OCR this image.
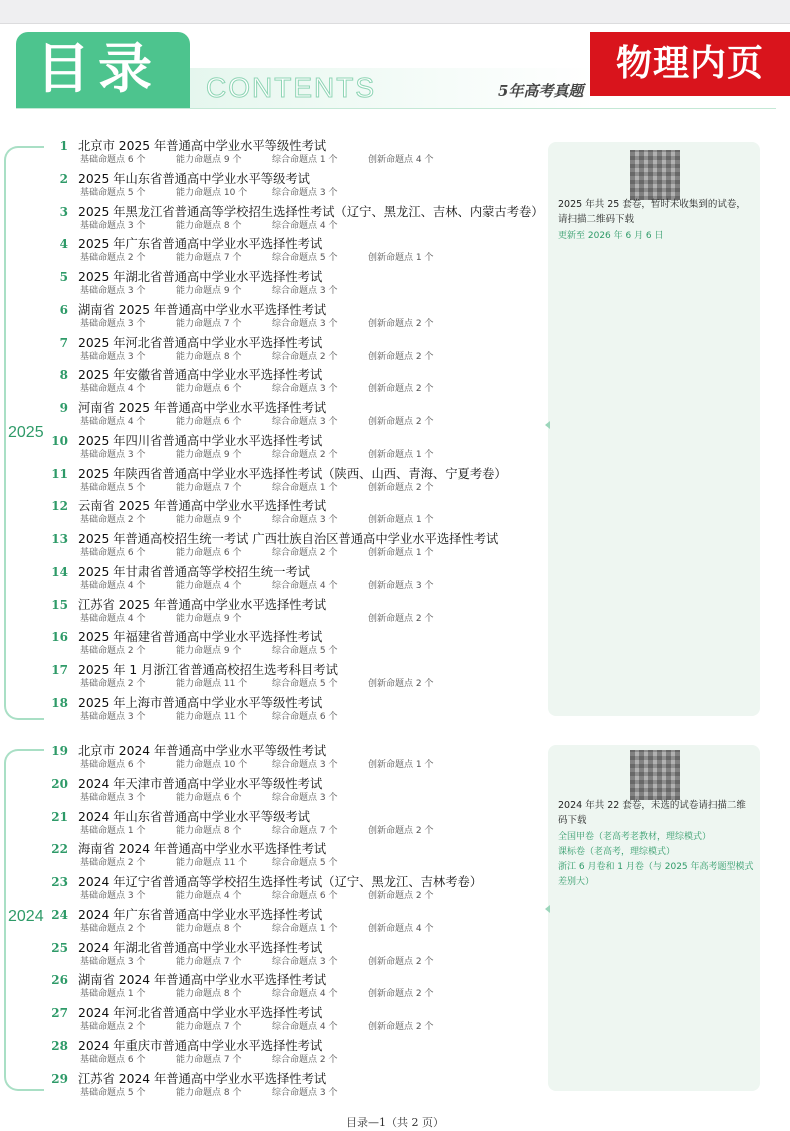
目录 CONTENTS	5年高考真题
物理内页
2025
1 北京市 2025 年普通高中学业水平等级性考试
基础命题点 6 个	能力命题点 9 个	综合命题点 1 个	创新命题点 4 个
2 2025 年山东省普通高中学业水平等级考试
基础命题点 5 个	能力命题点 10 个	综合命题点 3 个
3 2025 年黑龙江省普通高等学校招生选择性考试（辽宁、黑龙江、吉林、内蒙古考卷）
基础命题点 3 个	能力命题点 8 个	综合命题点 4 个
4 2025 年广东省普通高中学业水平选择性考试
基础命题点 2 个	能力命题点 7 个	综合命题点 5 个	创新命题点 1 个
5 2025 年湖北省普通高中学业水平选择性考试
基础命题点 3 个	能力命题点 9 个	综合命题点 3 个
6 湖南省 2025 年普通高中学业水平选择性考试
基础命题点 3 个	能力命题点 7 个	综合命题点 3 个	创新命题点 2 个
7 2025 年河北省普通高中学业水平选择性考试
基础命题点 3 个	能力命题点 8 个	综合命题点 2 个	创新命题点 2 个
8 2025 年安徽省普通高中学业水平选择性考试
基础命题点 4 个	能力命题点 6 个	综合命题点 3 个	创新命题点 2 个
9 河南省 2025 年普通高中学业水平选择性考试
基础命题点 4 个	能力命题点 6 个	综合命题点 3 个	创新命题点 2 个
10 2025 年四川省普通高中学业水平选择性考试
基础命题点 3 个	能力命题点 9 个	综合命题点 2 个	创新命题点 1 个
11 2025 年陕西省普通高中学业水平选择性考试（陕西、山西、青海、宁夏考卷）
基础命题点 5 个	能力命题点 7 个	综合命题点 1 个	创新命题点 2 个
12 云南省 2025 年普通高中学业水平选择性考试
基础命题点 2 个	能力命题点 9 个	综合命题点 3 个	创新命题点 1 个
13 2025 年普通高校招生统一考试 广西壮族自治区普通高中学业水平选择性考试
基础命题点 6 个	能力命题点 6 个	综合命题点 2 个	创新命题点 1 个
14 2025 年甘肃省普通高等学校招生统一考试
基础命题点 4 个	能力命题点 4 个	综合命题点 4 个	创新命题点 3 个
15 江苏省 2025 年普通高中学业水平选择性考试
基础命题点 4 个	能力命题点 9 个	创新命题点 2 个
16 2025 年福建省普通高中学业水平选择性考试
基础命题点 2 个	能力命题点 9 个	综合命题点 5 个
17 2025 年 1 月浙江省普通高校招生选考科目考试
基础命题点 2 个	能力命题点 11 个	综合命题点 5 个	创新命题点 2 个
18 2025 年上海市普通高中学业水平等级性考试
基础命题点 3 个	能力命题点 11 个	综合命题点 6 个
2025 年共 25 套卷，暂时未收集到的试卷，请扫描二维码下载
更新至 2026 年 6 月 6 日
2024
19 北京市 2024 年普通高中学业水平等级性考试
基础命题点 6 个	能力命题点 10 个	综合命题点 3 个	创新命题点 1 个
20 2024 年天津市普通高中学业水平等级性考试
基础命题点 3 个	能力命题点 6 个	综合命题点 3 个
21 2024 年山东省普通高中学业水平等级考试
基础命题点 1 个	能力命题点 8 个	综合命题点 7 个	创新命题点 2 个
22 海南省 2024 年普通高中学业水平选择性考试
基础命题点 2 个	能力命题点 11 个	综合命题点 5 个
23 2024 年辽宁省普通高等学校招生选择性考试（辽宁、黑龙江、吉林考卷）
基础命题点 3 个	能力命题点 4 个	综合命题点 6 个	创新命题点 2 个
24 2024 年广东省普通高中学业水平选择性考试
基础命题点 2 个	能力命题点 8 个	综合命题点 1 个	创新命题点 4 个
25 2024 年湖北省普通高中学业水平选择性考试
基础命题点 3 个	能力命题点 7 个	综合命题点 3 个	创新命题点 2 个
26 湖南省 2024 年普通高中学业水平选择性考试
基础命题点 1 个	能力命题点 8 个	综合命题点 4 个	创新命题点 2 个
27 2024 年河北省普通高中学业水平选择性考试
基础命题点 2 个	能力命题点 7 个	综合命题点 4 个	创新命题点 2 个
28 2024 年重庆市普通高中学业水平选择性考试
基础命题点 6 个	能力命题点 7 个	综合命题点 2 个
29 江苏省 2024 年普通高中学业水平选择性考试
基础命题点 5 个	能力命题点 8 个	综合命题点 3 个
2024 年共 22 套卷，未选的试卷请扫描二维码下载
全国甲卷（老高考老教材，理综模式）
课标卷（老高考，理综模式）
浙江 6 月卷和 1 月卷（与 2025 年高考题型模式差别大）
目录—1（共 2 页）
